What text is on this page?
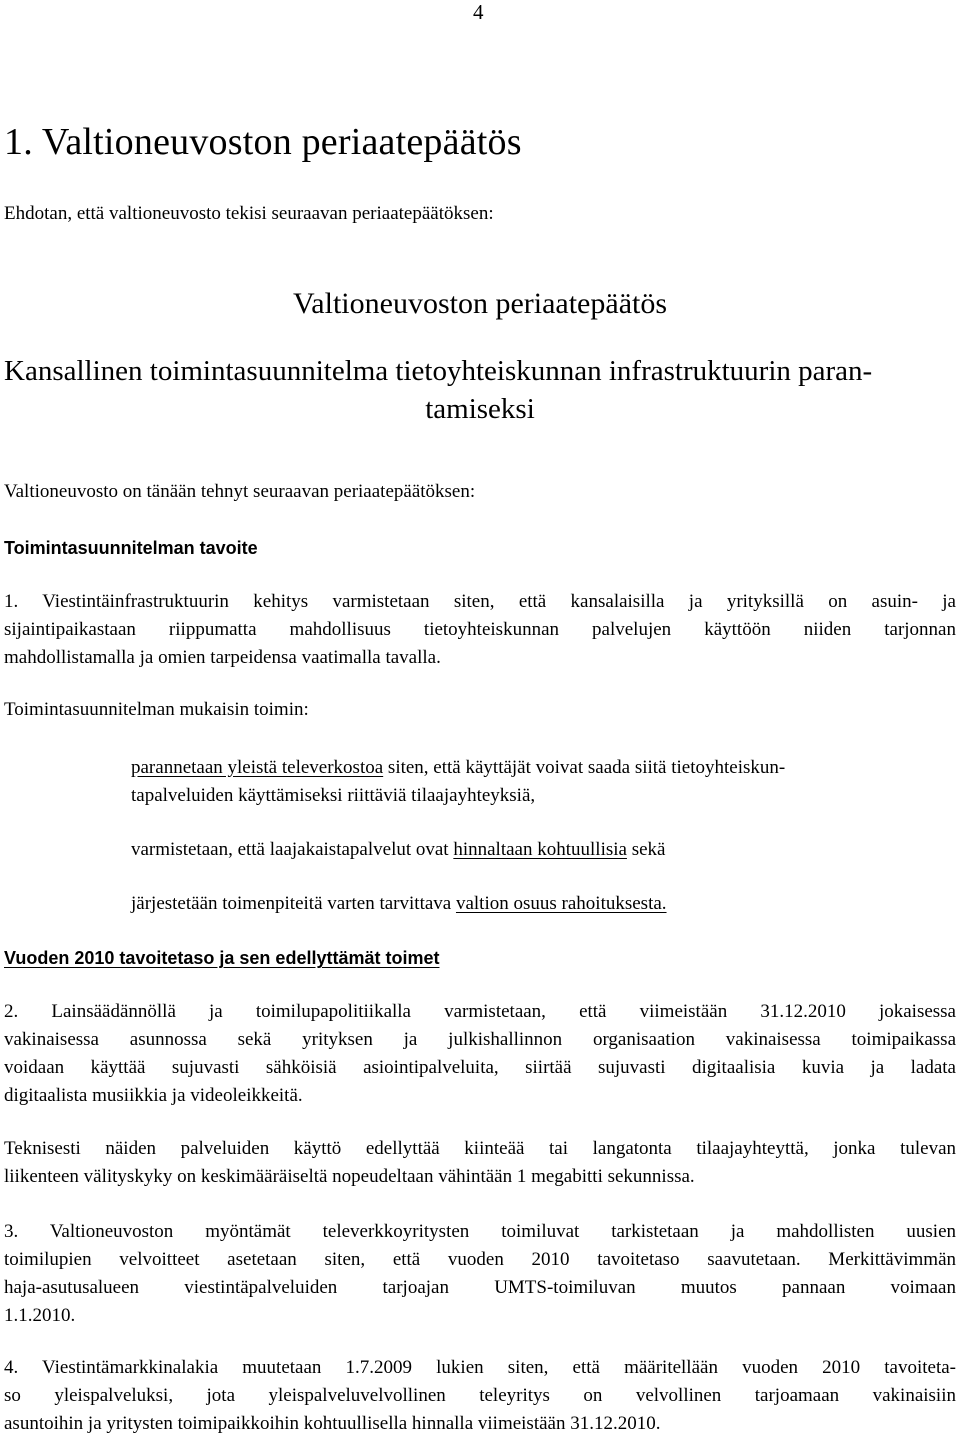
4
1. Valtioneuvoston periaatepäätös
Ehdotan, että valtioneuvosto tekisi seuraavan periaatepäätöksen:
Valtioneuvoston periaatepäätös
Kansallinen toimintasuunnitelma tietoyhteiskunnan infrastruktuurin paran-
tamiseksi
Valtioneuvosto on tänään tehnyt seuraavan periaatepäätöksen:
Toimintasuunnitelman tavoite
1. Viestintäinfrastruktuurin kehitys varmistetaan siten, että kansalaisilla ja yrityksillä on asuin- ja
sijaintipaikastaan riippumatta mahdollisuus tietoyhteiskunnan palvelujen käyttöön niiden tarjonnan
mahdollistamalla ja omien tarpeidensa vaatimalla tavalla.
Toimintasuunnitelman mukaisin toimin:
parannetaan yleistä televerkostoa siten, että käyttäjät voivat saada siitä tietoyhteiskun-
tapalveluiden käyttämiseksi riittäviä tilaajayhteyksiä,
varmistetaan, että laajakaistapalvelut ovat hinnaltaan kohtuullisia sekä
järjestetään toimenpiteitä varten tarvittava valtion osuus rahoituksesta.
Vuoden 2010 tavoitetaso ja sen edellyttämät toimet
2. Lainsäädännöllä ja toimilupapolitiikalla varmistetaan, että viimeistään 31.12.2010 jokaisessa
vakinaisessa asunnossa sekä yrityksen ja julkishallinnon organisaation vakinaisessa toimipaikassa
voidaan käyttää sujuvasti sähköisiä asiointipalveluita, siirtää sujuvasti digitaalisia kuvia ja ladata
digitaalista musiikkia ja videoleikkeitä.
Teknisesti näiden palveluiden käyttö edellyttää kiinteää tai langatonta tilaajayhteyttä, jonka tulevan
liikenteen välityskyky on keskimääräiseltä nopeudeltaan vähintään 1 megabitti sekunnissa.
3. Valtioneuvoston myöntämät televerkkoyritysten toimiluvat tarkistetaan ja mahdollisten uusien
toimilupien velvoitteet asetetaan siten, että vuoden 2010 tavoitetaso saavutetaan. Merkittävimmän
haja-asutusalueen viestintäpalveluiden tarjoajan UMTS-toimiluvan muutos pannaan voimaan
1.1.2010.
4. Viestintämarkkinalakia muutetaan 1.7.2009 lukien siten, että määritellään vuoden 2010 tavoiteta-
so yleispalveluksi, jota yleispalveluvelvollinen teleyritys on velvollinen tarjoamaan vakinaisiin
asuntoihin ja yritysten toimipaikkoihin kohtuullisella hinnalla viimeistään 31.12.2010.
